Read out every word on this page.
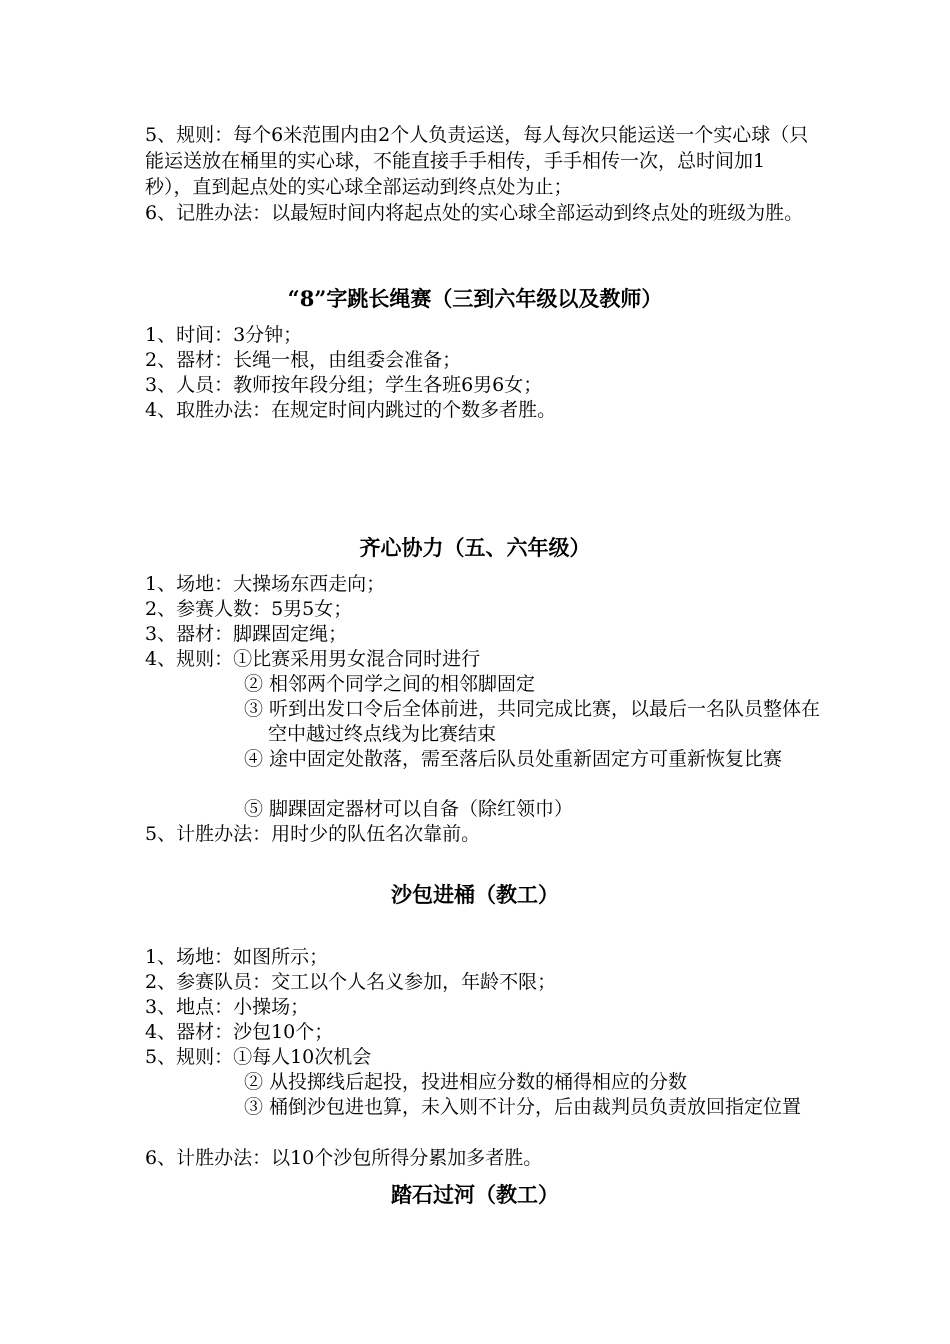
5、规则：每个6米范围内由2个人负责运送，每人每次只能运送一个实心球（只能运送放在桶里的实心球，不能直接手手相传，手手相传一次，总时间加1秒），直到起点处的实心球全部运动到终点处为止；

6、记胜办法：以最短时间内将起点处的实心球全部运动到终点处的班级为胜。

“8”字跳长绳赛（三到六年级以及教师）

1、时间：3分钟；

2、器材：长绳一根，由组委会准备；

3、人员：教师按年段分组；学生各班6男6女；

4、取胜办法：在规定时间内跳过的个数多者胜。

齐心协力（五、六年级）

1、场地：大操场东西走向；

2、参赛人数：5男5女；

3、器材：脚踝固定绳；

4、规则：①比赛采用男女混合同时进行

② 相邻两个同学之间的相邻脚固定

③ 听到出发口令后全体前进，共同完成比赛，以最后一名队员整体在空中越过终点线为比赛结束

④ 途中固定处散落，需至落后队员处重新固定方可重新恢复比赛

⑤ 脚踝固定器材可以自备（除红领巾）

5、计胜办法：用时少的队伍名次靠前。

沙包进桶（教工）

1、场地：如图所示；

2、参赛队员：交工以个人名义参加，年龄不限；

3、地点：小操场；

4、器材：沙包10个；

5、规则：①每人10次机会

② 从投掷线后起投，投进相应分数的桶得相应的分数

③ 桶倒沙包进也算，未入则不计分，后由裁判员负责放回指定位置

6、计胜办法：以10个沙包所得分累加多者胜。

踏石过河（教工）
